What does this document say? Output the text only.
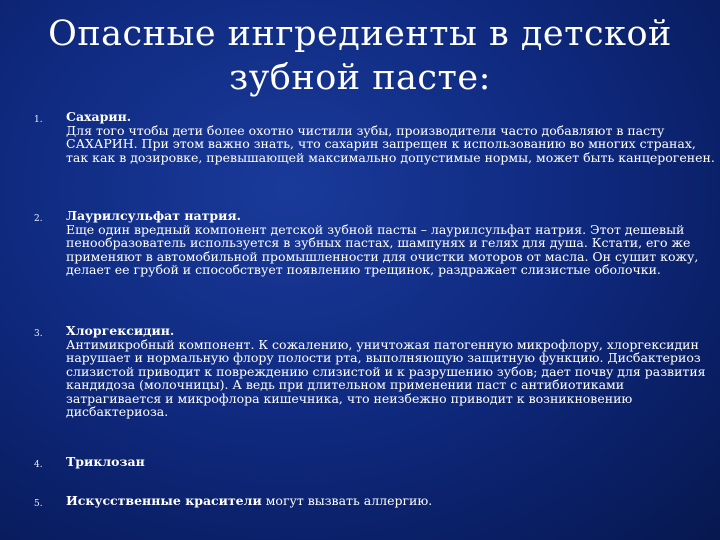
Опасные ингредиенты в детской
зубной пасте:
1. Сахарин.
Для того чтобы дети более охотно чистили зубы, производители часто добавляют в пасту САХАРИН. При этом важно знать, что сахарин запрещен к использованию во многих странах, так как в дозировке, превышающей максимально допустимые нормы, может быть канцерогенен.
2. Лаурилсульфат натрия.
Еще один вредный компонент детской зубной пасты – лаурилсульфат натрия. Этот дешевый пенообразователь используется в зубных пастах, шампунях и гелях для душа. Кстати, его же применяют в автомобильной промышленности для очистки моторов от масла. Он сушит кожу, делает ее грубой и способствует появлению трещинок, раздражает слизистые оболочки.
3. Хлоргексидин.
Антимикробный компонент. К сожалению, уничтожая патогенную микрофлору, хлоргексидин нарушает и нормальную флору полости рта, выполняющую защитную функцию. Дисбактериоз слизистой приводит к повреждению слизистой и к разрушению зубов; дает почву для развития кандидоза (молочницы). А ведь при длительном применении паст с антибиотиками затрагивается и микрофлора кишечника, что неизбежно приводит к возникновению дисбактериоза.
4. Триклозан
5. Искусственные красители могут вызвать аллергию.
